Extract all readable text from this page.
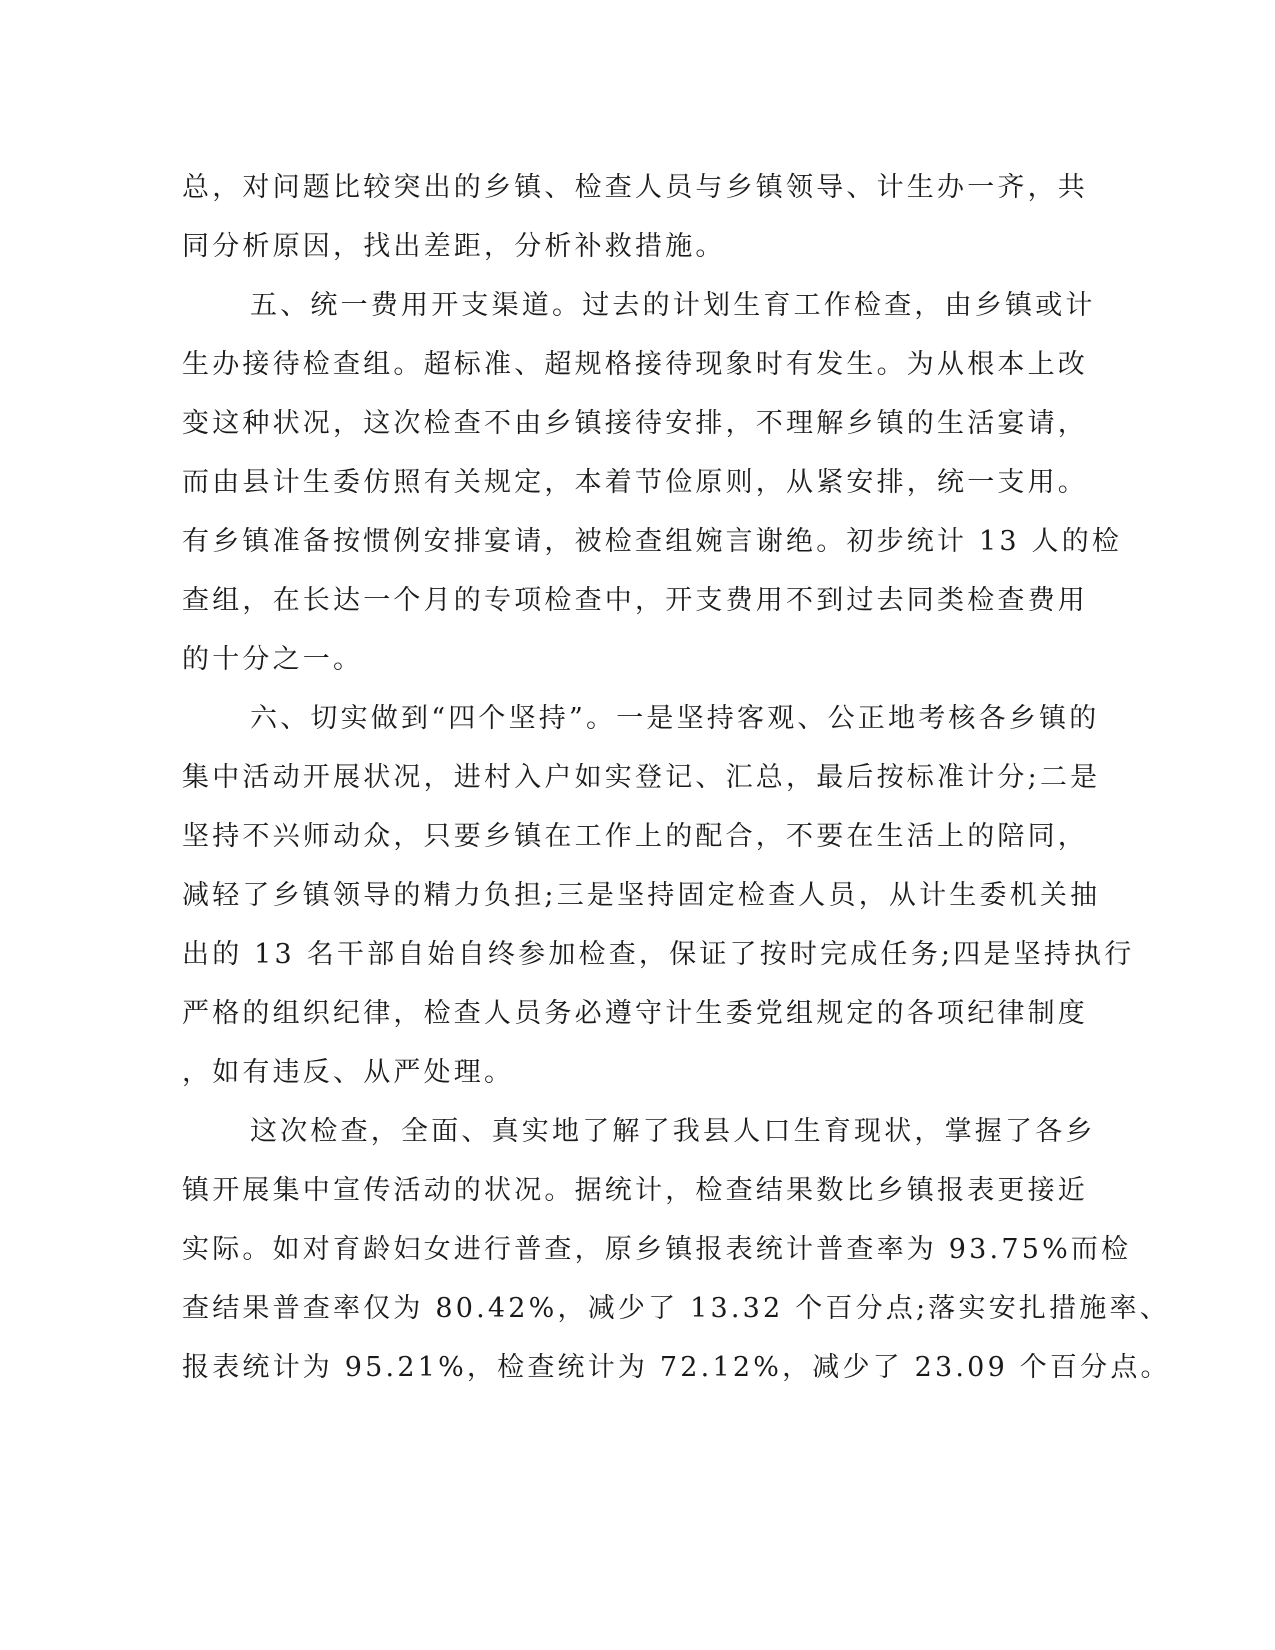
总，对问题比较突出的乡镇、检查人员与乡镇领导、计生办一齐，共
同分析原因，找出差距，分析补救措施。
五、统一费用开支渠道。过去的计划生育工作检查，由乡镇或计
生办接待检查组。超标准、超规格接待现象时有发生。为从根本上改
变这种状况，这次检查不由乡镇接待安排，不理解乡镇的生活宴请，
而由县计生委仿照有关规定，本着节俭原则，从紧安排，统一支用。
有乡镇准备按惯例安排宴请，被检查组婉言谢绝。初步统计 13 人的检
查组，在长达一个月的专项检查中，开支费用不到过去同类检查费用
的十分之一。
六、切实做到“四个坚持”。一是坚持客观、公正地考核各乡镇的
集中活动开展状况，进村入户如实登记、汇总，最后按标准计分;二是
坚持不兴师动众，只要乡镇在工作上的配合，不要在生活上的陪同，
减轻了乡镇领导的精力负担;三是坚持固定检查人员，从计生委机关抽
出的 13 名干部自始自终参加检查，保证了按时完成任务;四是坚持执行
严格的组织纪律，检查人员务必遵守计生委党组规定的各项纪律制度
，如有违反、从严处理。
这次检查，全面、真实地了解了我县人口生育现状，掌握了各乡
镇开展集中宣传活动的状况。据统计，检查结果数比乡镇报表更接近
实际。如对育龄妇女进行普查，原乡镇报表统计普查率为 93.75%而检
查结果普查率仅为 80.42%，减少了 13.32 个百分点;落实安扎措施率、
报表统计为 95.21%，检查统计为 72.12%，减少了 23.09 个百分点。
